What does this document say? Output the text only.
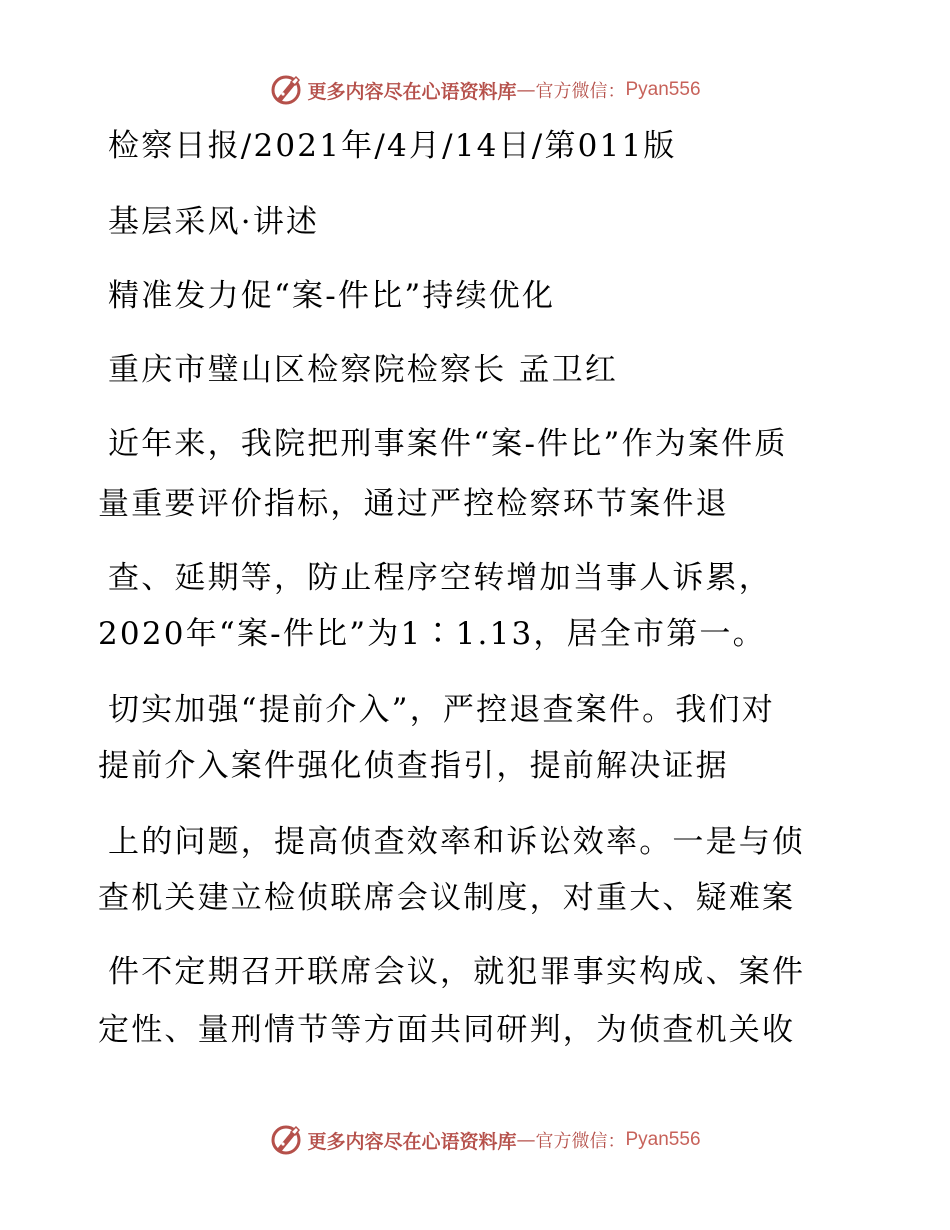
更多内容尽在心语资料库 — 官方微信： Pyan556
检察日报/2021年/4月/14日/第011版
基层采风·讲述
精准发力促“案-件比”持续优化
重庆市璧山区检察院检察长 孟卫红
近年来，我院把刑事案件“案-件比”作为案件质
量重要评价指标，通过严控检察环节案件退
查、延期等，防止程序空转增加当事人诉累，
2020年“案-件比”为1∶1.13，居全市第一。
切实加强“提前介入”，严控退查案件。我们对
提前介入案件强化侦查指引，提前解决证据
上的问题，提高侦查效率和诉讼效率。一是与侦
查机关建立检侦联席会议制度，对重大、疑难案
件不定期召开联席会议，就犯罪事实构成、案件
定性、量刑情节等方面共同研判，为侦查机关收
更多内容尽在心语资料库 — 官方微信： Pyan556
